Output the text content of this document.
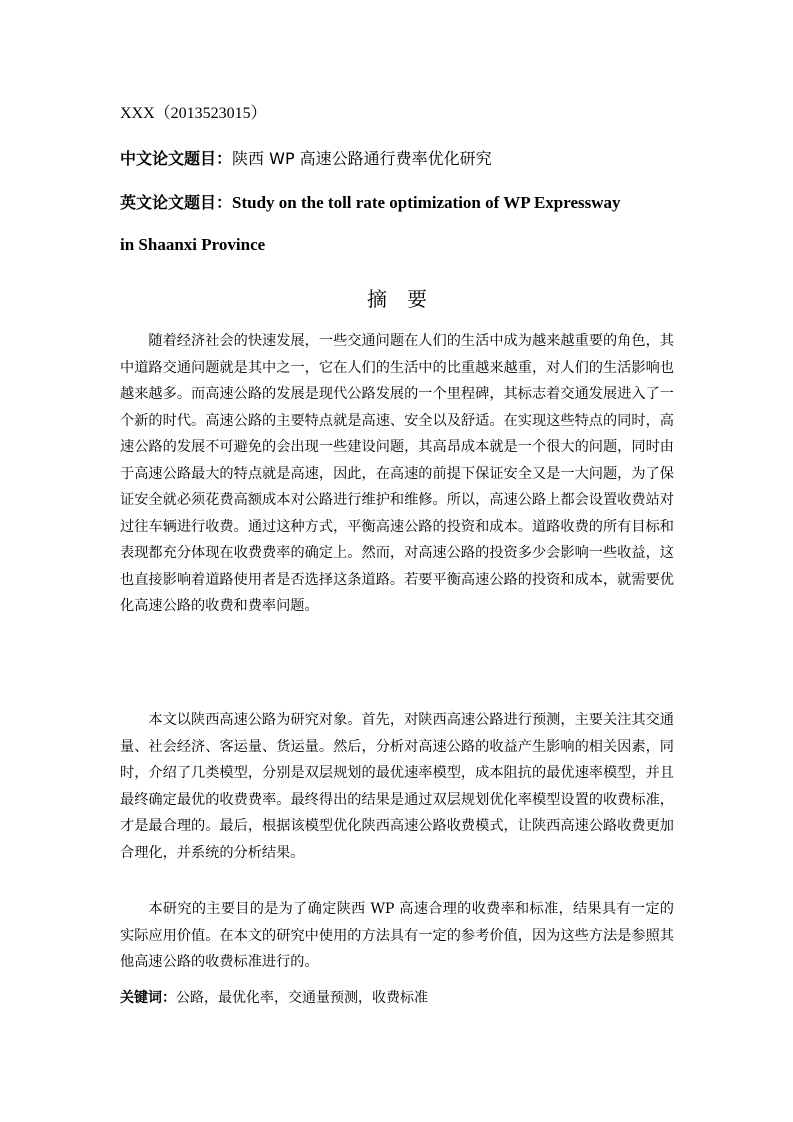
XXX（2013523015）
中文论文题目：陕西 WP 高速公路通行费率优化研究
英文论文题目：Study on the toll rate optimization of WP Expressway
in Shaanxi Province
摘要

随着经济社会的快速发展，一些交通问题在人们的生活中成为越来越重要的角色，其中道路交通问题就是其中之一，它在人们的生活中的比重越来越重，对人们的生活影响也越来越多。而高速公路的发展是现代公路发展的一个里程碑，其标志着交通发展进入了一个新的时代。高速公路的主要特点就是高速、安全以及舒适。在实现这些特点的同时，高速公路的发展不可避免的会出现一些建设问题，其高昂成本就是一个很大的问题，同时由于高速公路最大的特点就是高速，因此，在高速的前提下保证安全又是一大问题，为了保证安全就必须花费高额成本对公路进行维护和维修。所以，高速公路上都会设置收费站对过往车辆进行收费。通过这种方式，平衡高速公路的投资和成本。道路收费的所有目标和表现都充分体现在收费费率的确定上。然而，对高速公路的投资多少会影响一些收益，这也直接影响着道路使用者是否选择这条道路。若要平衡高速公路的投资和成本，就需要优化高速公路的收费和费率问题。

本文以陕西高速公路为研究对象。首先，对陕西高速公路进行预测，主要关注其交通量、社会经济、客运量、货运量。然后，分析对高速公路的收益产生影响的相关因素，同时，介绍了几类模型，分别是双层规划的最优速率模型，成本阻抗的最优速率模型，并且最终确定最优的收费费率。最终得出的结果是通过双层规划优化率模型设置的收费标准，才是最合理的。最后，根据该模型优化陕西高速公路收费模式，让陕西高速公路收费更加合理化，并系统的分析结果。

本研究的主要目的是为了确定陕西 WP 高速合理的收费率和标准，结果具有一定的实际应用价值。在本文的研究中使用的方法具有一定的参考价值，因为这些方法是参照其他高速公路的收费标准进行的。

关键词：公路，最优化率，交通量预测，收费标准
